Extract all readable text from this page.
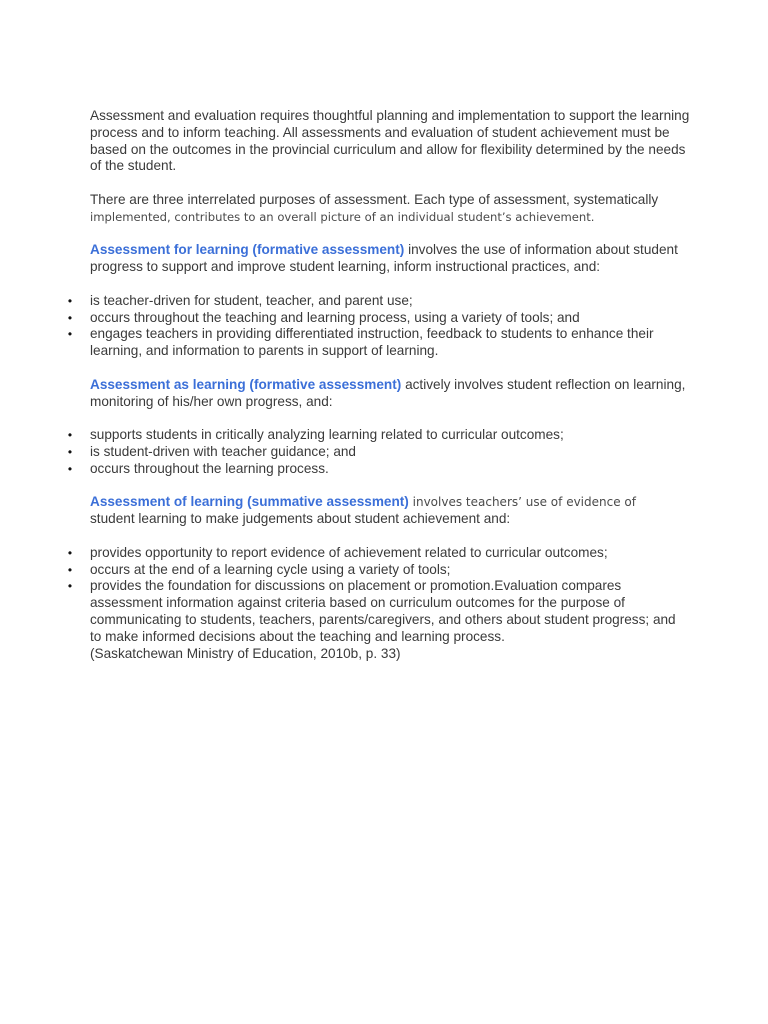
Assessment and evaluation requires thoughtful planning and implementation to support the learning process and to inform teaching. All assessments and evaluation of student achievement must be based on the outcomes in the provincial curriculum and allow for flexibility determined by the needs of the student.

There are three interrelated purposes of assessment. Each type of assessment, systematically
implemented, contributes to an overall picture of an individual student’s achievement.

Assessment for learning (formative assessment) involves the use of information about student progress to support and improve student learning, inform instructional practices, and:

• is teacher-driven for student, teacher, and parent use;
• occurs throughout the teaching and learning process, using a variety of tools; and
• engages teachers in providing differentiated instruction, feedback to students to enhance their learning, and information to parents in support of learning.

Assessment as learning (formative assessment) actively involves student reflection on learning, monitoring of his/her own progress, and:

• supports students in critically analyzing learning related to curricular outcomes;
• is student-driven with teacher guidance; and
• occurs throughout the learning process.

Assessment of learning (summative assessment) involves teachers’ use of evidence of
student learning to make judgements about student achievement and:

• provides opportunity to report evidence of achievement related to curricular outcomes;
• occurs at the end of a learning cycle using a variety of tools;
• provides the foundation for discussions on placement or promotion.Evaluation compares assessment information against criteria based on curriculum outcomes for the purpose of communicating to students, teachers, parents/caregivers, and others about student progress; and to make informed decisions about the teaching and learning process.

(Saskatchewan Ministry of Education, 2010b, p. 33)
